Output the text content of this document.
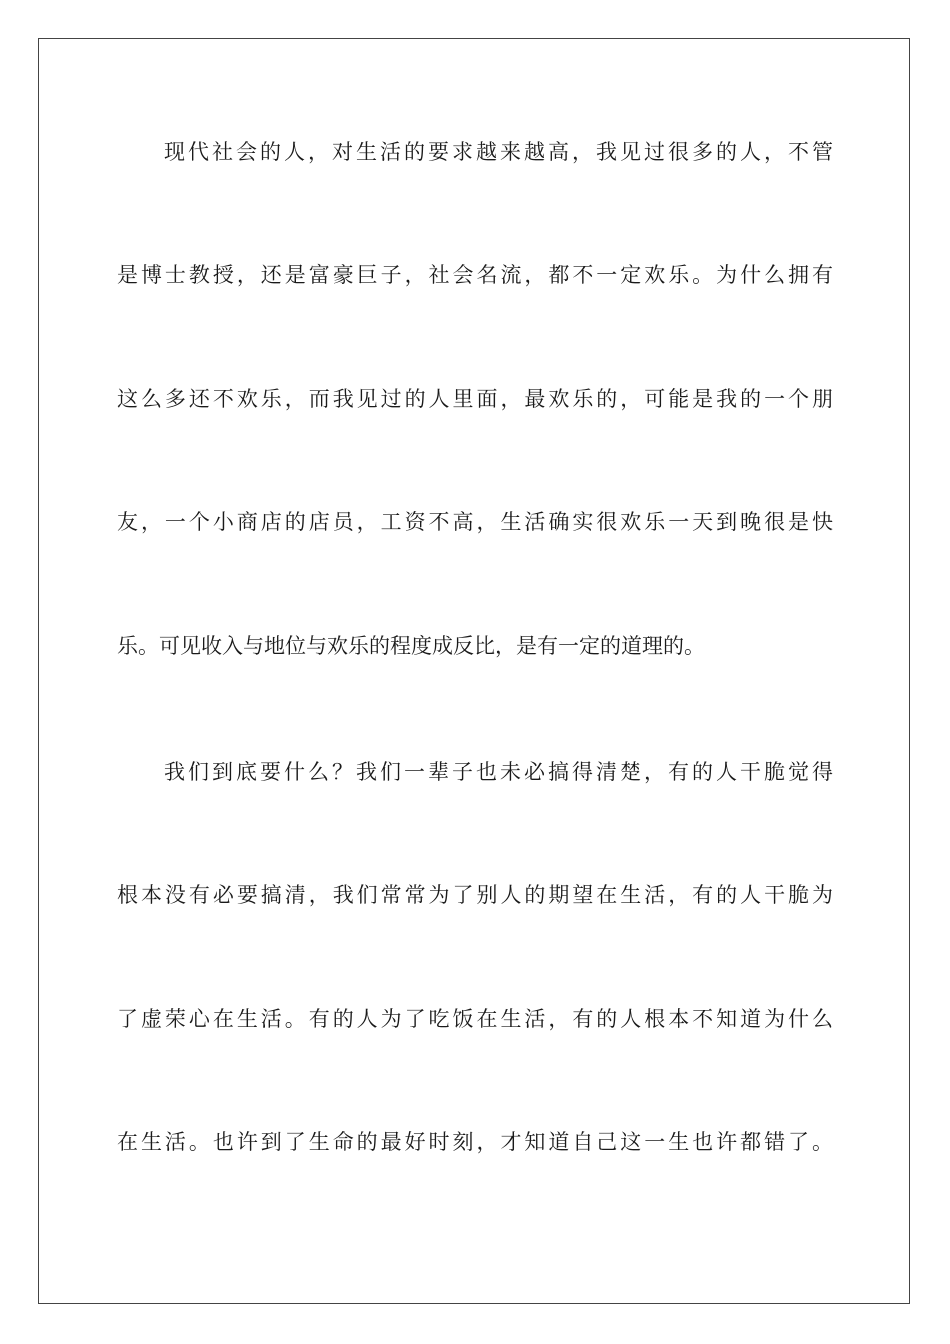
现代社会的人，对生活的要求越来越高，我见过很多的人，不管
是博士教授，还是富豪巨子，社会名流，都不一定欢乐。为什么拥有
这么多还不欢乐，而我见过的人里面，最欢乐的，可能是我的一个朋
友，一个小商店的店员，工资不高，生活确实很欢乐一天到晚很是快
乐。可见收入与地位与欢乐的程度成反比，是有一定的道理的。
我们到底要什么？我们一辈子也未必搞得清楚，有的人干脆觉得
根本没有必要搞清，我们常常为了别人的期望在生活，有的人干脆为
了虚荣心在生活。有的人为了吃饭在生活，有的人根本不知道为什么
在生活。也许到了生命的最好时刻，才知道自己这一生也许都错了。
